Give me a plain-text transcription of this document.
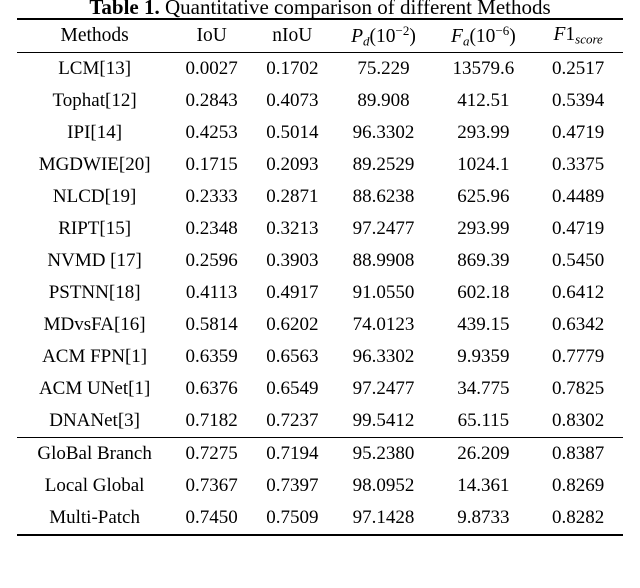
Table 1. Quantitative comparison of different Methods
Methods	IoU	nIoU	$P_d(10^{-2})$	$F_a(10^{-6})$	$F1_{score}$
LCM[13]	0.0027	0.1702	75.229	13579.6	0.2517
Tophat[12]	0.2843	0.4073	89.908	412.51	0.5394
IPI[14]	0.4253	0.5014	96.3302	293.99	0.4719
MGDWIE[20]	0.1715	0.2093	89.2529	1024.1	0.3375
NLCD[19]	0.2333	0.2871	88.6238	625.96	0.4489
RIPT[15]	0.2348	0.3213	97.2477	293.99	0.4719
NVMD [17]	0.2596	0.3903	88.9908	869.39	0.5450
PSTNN[18]	0.4113	0.4917	91.0550	602.18	0.6412
MDvsFA[16]	0.5814	0.6202	74.0123	439.15	0.6342
ACM FPN[1]	0.6359	0.6563	96.3302	9.9359	0.7779
ACM UNet[1]	0.6376	0.6549	97.2477	34.775	0.7825
DNANet[3]	0.7182	0.7237	99.5412	65.115	0.8302
GloBal Branch	0.7275	0.7194	95.2380	26.209	0.8387
Local Global	0.7367	0.7397	98.0952	14.361	0.8269
Multi-Patch	0.7450	0.7509	97.1428	9.8733	0.8282
